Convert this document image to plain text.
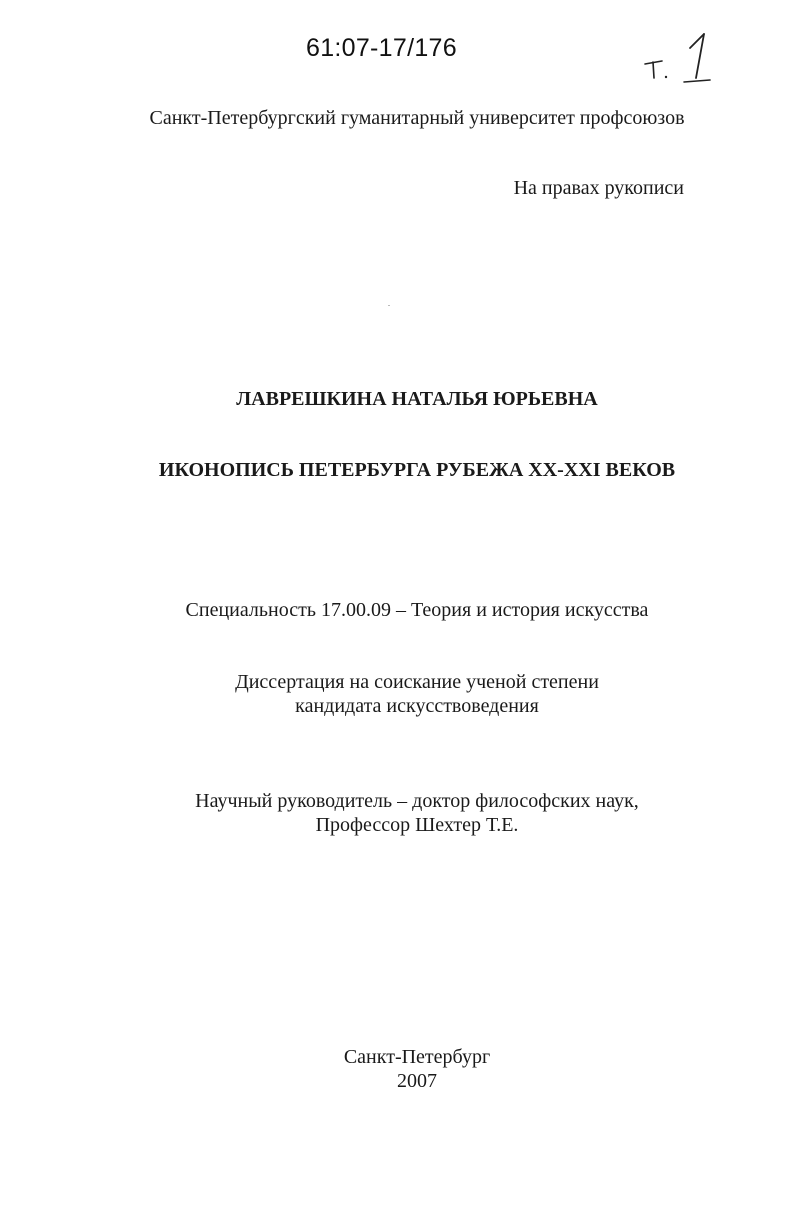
61:07-17/176
Санкт-Петербургский гуманитарный университет профсоюзов
На правах рукописи
ЛАВРЕШКИНА НАТАЛЬЯ ЮРЬЕВНА
ИКОНОПИСЬ ПЕТЕРБУРГА РУБЕЖА XX-XXI ВЕКОВ
Специальность 17.00.09 – Теория и история искусства
Диссертация на соискание ученой степени
кандидата искусствоведения
Научный руководитель – доктор философских наук,
Профессор Шехтер Т.Е.
Санкт-Петербург
2007
